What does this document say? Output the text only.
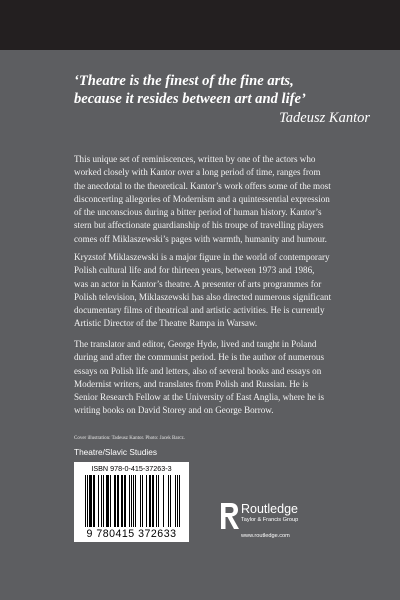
‘Theatre is the finest of the fine arts,
because it resides between art and life’
Tadeusz Kantor
This unique set of reminiscences, written by one of the actors who
worked closely with Kantor over a long period of time, ranges from
the anecdotal to the theoretical. Kantor’s work offers some of the most
disconcerting allegories of Modernism and a quintessential expression
of the unconscious during a bitter period of human history. Kantor’s
stern but affectionate guardianship of his troupe of travelling players
comes off Miklaszewski’s pages with warmth, humanity and humour.
Kryzstof Miklaszewski is a major figure in the world of contemporary
Polish cultural life and for thirteen years, between 1973 and 1986,
was an actor in Kantor’s theatre. A presenter of arts programmes for
Polish television, Miklaszewski has also directed numerous significant
documentary films of theatrical and artistic activities. He is currently
Artistic Director of the Theatre Rampa in Warsaw.
The translator and editor, George Hyde, lived and taught in Poland
during and after the communist period. He is the author of numerous
essays on Polish life and letters, also of several books and essays on
Modernist writers, and translates from Polish and Russian. He is
Senior Research Fellow at the University of East Anglia, where he is
writing books on David Storey and on George Borrow.
Cover illustration: Tadeusz Kantor. Photo: Jacek Barcz.
Theatre/Slavic Studies
ISBN 978-0-415-37263-3
9 780415 372633
Routledge
Taylor & Francis Group
www.routledge.com
